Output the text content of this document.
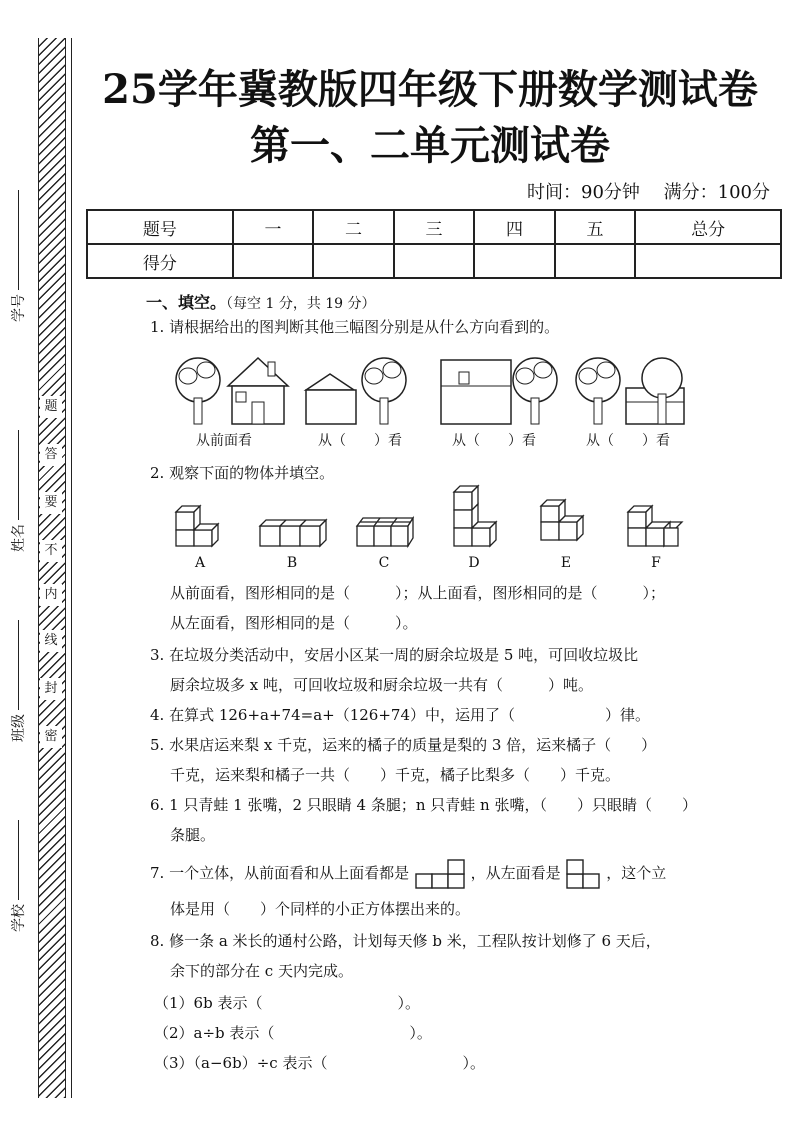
学号
姓名
班级
学校
题
答
要
不
内
线
封
密
25学年冀教版四年级下册数学测试卷
第一、二单元测试卷
时间：90分钟 满分：100分
题号	一	二	三	四	五	总分
得分						
一、填空。（每空 1 分，共 19 分）
1. 请根据给出的图判断其他三幅图分别是从什么方向看到的。
从前面看	从（　　）看	从（　　）看	从（　　）看
2. 观察下面的物体并填空。
A	B	C	D	E	F
从前面看，图形相同的是（　　　）；从上面看，图形相同的是（　　　）；
从左面看，图形相同的是（　　　）。
3. 在垃圾分类活动中，安居小区某一周的厨余垃圾是 5 吨，可回收垃圾比
厨余垃圾多 x 吨，可回收垃圾和厨余垃圾一共有（　　　）吨。
4. 在算式 126+a+74=a+（126+74）中，运用了（　　　　　　）律。
5. 水果店运来梨 x 千克，运来的橘子的质量是梨的 3 倍，运来橘子（　　）
千克，运来梨和橘子一共（　　）千克，橘子比梨多（　　）千克。
6. 1 只青蛙 1 张嘴，2 只眼睛 4 条腿；n 只青蛙 n 张嘴，（　　）只眼睛（　　）
条腿。
7. 一个立体，从前面看和从上面看都是	，从左面看是	，这个立
体是用（　　）个同样的小正方体摆出来的。
8. 修一条 a 米长的通村公路，计划每天修 b 米，工程队按计划修了 6 天后，
余下的部分在 c 天内完成。
（1）6b 表示（　　　　　　　　　）。
（2）a÷b 表示（　　　　　　　　　）。
（3）（a−6b）÷c 表示（　　　　　　　　　）。
